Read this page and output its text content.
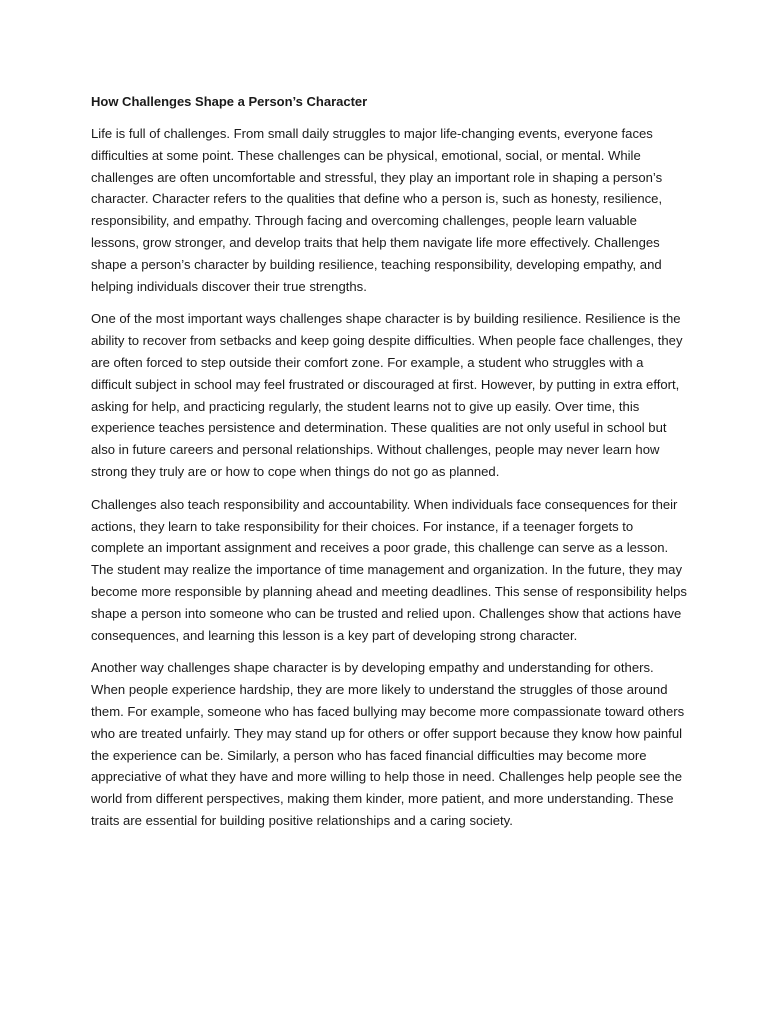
How Challenges Shape a Person’s Character

Life is full of challenges. From small daily struggles to major life-changing events, everyone faces difficulties at some point. These challenges can be physical, emotional, social, or mental. While challenges are often uncomfortable and stressful, they play an important role in shaping a person’s character. Character refers to the qualities that define who a person is, such as honesty, resilience, responsibility, and empathy. Through facing and overcoming challenges, people learn valuable lessons, grow stronger, and develop traits that help them navigate life more effectively. Challenges shape a person’s character by building resilience, teaching responsibility, developing empathy, and helping individuals discover their true strengths.

One of the most important ways challenges shape character is by building resilience. Resilience is the ability to recover from setbacks and keep going despite difficulties. When people face challenges, they are often forced to step outside their comfort zone. For example, a student who struggles with a difficult subject in school may feel frustrated or discouraged at first. However, by putting in extra effort, asking for help, and practicing regularly, the student learns not to give up easily. Over time, this experience teaches persistence and determination. These qualities are not only useful in school but also in future careers and personal relationships. Without challenges, people may never learn how strong they truly are or how to cope when things do not go as planned.

Challenges also teach responsibility and accountability. When individuals face consequences for their actions, they learn to take responsibility for their choices. For instance, if a teenager forgets to complete an important assignment and receives a poor grade, this challenge can serve as a lesson. The student may realize the importance of time management and organization. In the future, they may become more responsible by planning ahead and meeting deadlines. This sense of responsibility helps shape a person into someone who can be trusted and relied upon. Challenges show that actions have consequences, and learning this lesson is a key part of developing strong character.

Another way challenges shape character is by developing empathy and understanding for others. When people experience hardship, they are more likely to understand the struggles of those around them. For example, someone who has faced bullying may become more compassionate toward others who are treated unfairly. They may stand up for others or offer support because they know how painful the experience can be. Similarly, a person who has faced financial difficulties may become more appreciative of what they have and more willing to help those in need. Challenges help people see the world from different perspectives, making them kinder, more patient, and more understanding. These traits are essential for building positive relationships and a caring society.
